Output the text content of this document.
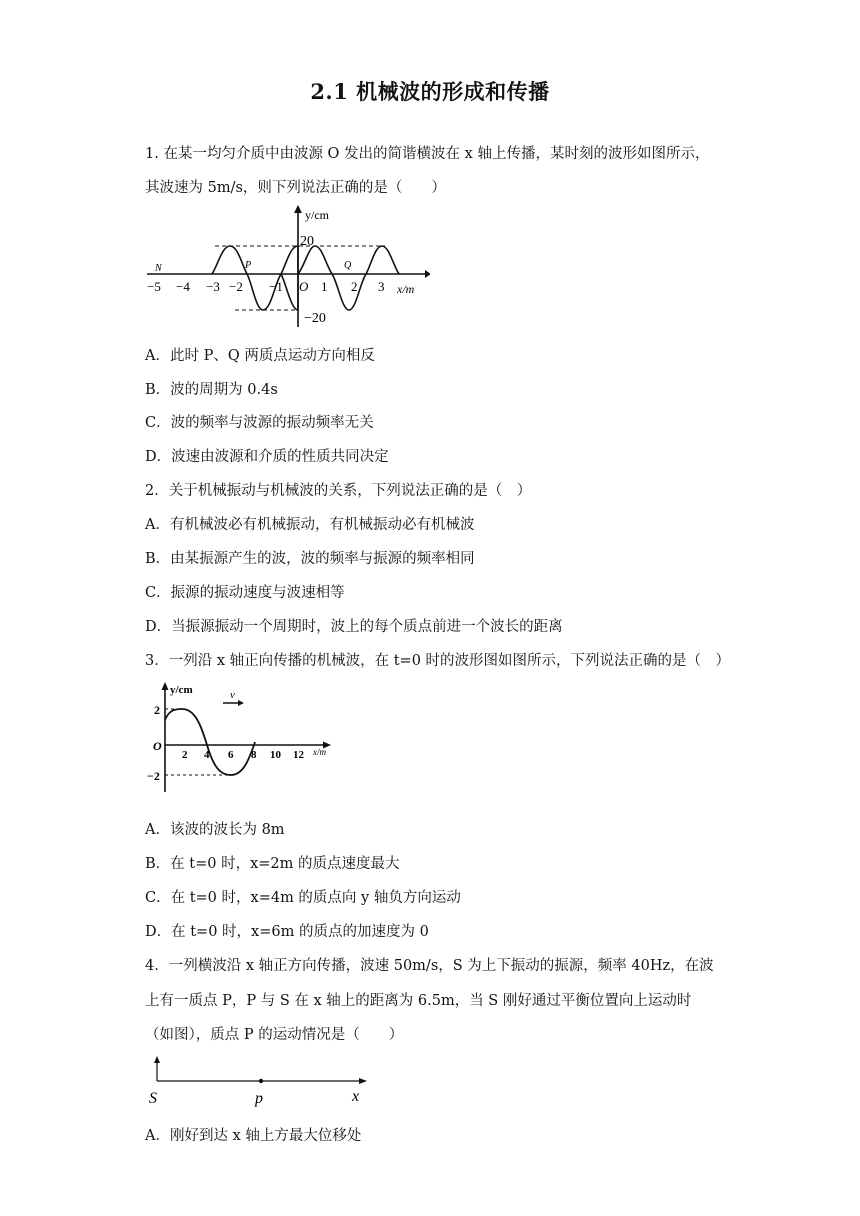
2.1 机械波的形成和传播
1. 在某一均匀介质中由波源 O 发出的简谐横波在 x 轴上传播，某时刻的波形如图所示，
其波速为 5m/s，则下列说法正确的是（　　）
y/cm
20
−20
x/m
O
N	P	Q
−5 −4 −3 −2 −1	1 2 3
A．此时 P、Q 两质点运动方向相反
B．波的周期为 0.4s
C．波的频率与波源的振动频率无关
D．波速由波源和介质的性质共同决定
2．关于机械振动与机械波的关系，下列说法正确的是（　）
A．有机械波必有机械振动，有机械振动必有机械波
B．由某振源产生的波，波的频率与振源的频率相同
C．振源的振动速度与波速相等
D．当振源振动一个周期时，波上的每个质点前进一个波长的距离
3．一列沿 x 轴正向传播的机械波，在 t=0 时的波形图如图所示，下列说法正确的是（　）
v
y/cm
2
−2
O
2 4 6 8 10 12 x/m
A．该波的波长为 8m
B．在 t=0 时，x=2m 的质点速度最大
C．在 t=0 时，x=4m 的质点向 y 轴负方向运动
D．在 t=0 时，x=6m 的质点的加速度为 0
4．一列横波沿 x 轴正方向传播，波速 50m/s，S 为上下振动的振源，频率 40Hz，在波
上有一质点 P，P 与 S 在 x 轴上的距离为 6.5m，当 S 刚好通过平衡位置向上运动时
（如图），质点 P 的运动情况是（　　）
S	p	x
A．刚好到达 x 轴上方最大位移处
